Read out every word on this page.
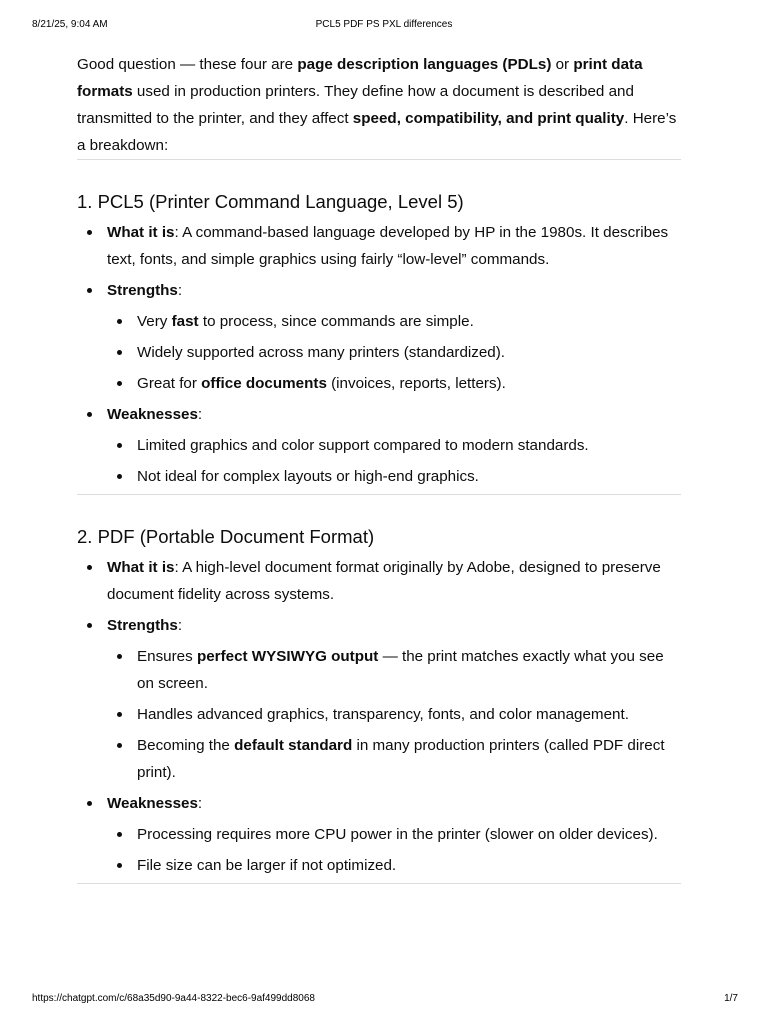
8/21/25, 9:04 AM	PCL5 PDF PS PXL differences

Good question — these four are page description languages (PDLs) or print data formats used in production printers. They define how a document is described and transmitted to the printer, and they affect speed, compatibility, and print quality. Here’s a breakdown:

1. PCL5 (Printer Command Language, Level 5)
What it is: A command-based language developed by HP in the 1980s. It describes text, fonts, and simple graphics using fairly “low-level” commands.
Strengths:
Very fast to process, since commands are simple.
Widely supported across many printers (standardized).
Great for office documents (invoices, reports, letters).
Weaknesses:
Limited graphics and color support compared to modern standards.
Not ideal for complex layouts or high-end graphics.
2. PDF (Portable Document Format)
What it is: A high-level document format originally by Adobe, designed to preserve document fidelity across systems.
Strengths:
Ensures perfect WYSIWYG output — the print matches exactly what you see on screen.
Handles advanced graphics, transparency, fonts, and color management.
Becoming the default standard in many production printers (called PDF direct print).
Weaknesses:
Processing requires more CPU power in the printer (slower on older devices).
File size can be larger if not optimized.
https://chatgpt.com/c/68a35d90-9a44-8322-bec6-9af499dd8068	1/7
